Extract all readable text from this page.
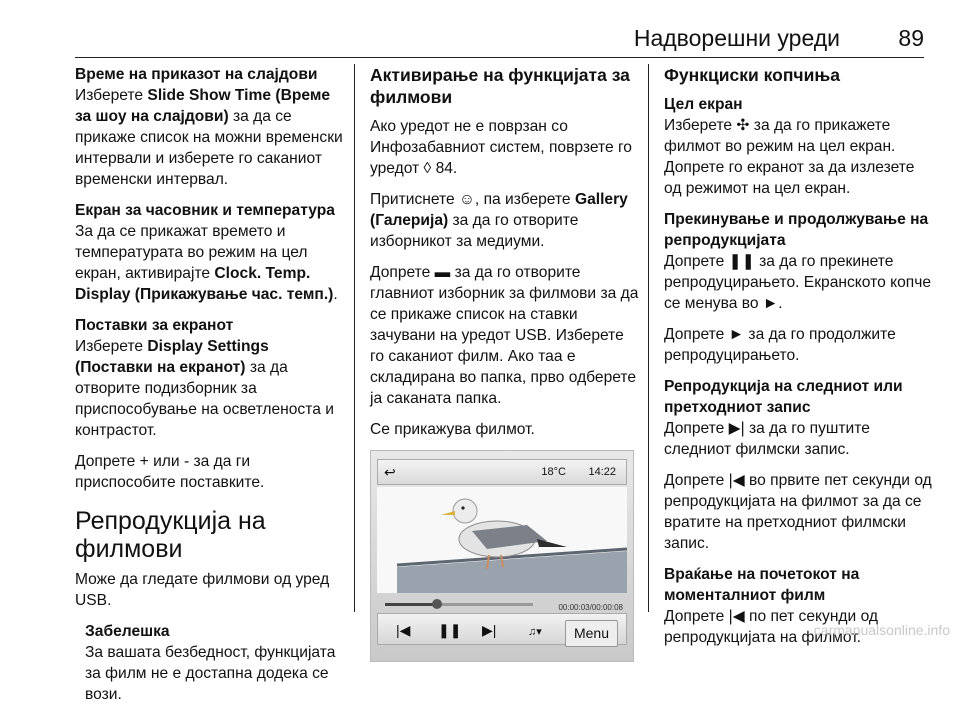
Надворешни уреди	89
Време на приказот на слајдови

Изберете Slide Show Time (Време за шоу на слајдови) за да се прикаже список на можни временски интервали и изберете го саканиот временски интервал.

Екран за часовник и температура

За да се прикажат времето и температурата во режим на цел екран, активирајте Clock. Temp. Display (Прикажување час. темп.).

Поставки за екранот

Изберете Display Settings (Поставки на екранот) за да отворите подизборник за приспособување на осветленоста и контрастот.

Допрете + или - за да ги приспособите поставките.

Репродукција на филмови

Може да гледате филмови од уред USB.

Забелешка

За вашата безбедност, функцијата за филм не е достапна додека се вози.

Активирање на функцијата за филмови

Ако уредот не е поврзан со Инфозабавниот систем, поврзете го уредот ◊ 84.

Притиснете ☺, па изберете Gallery (Галерија) за да го отворите изборникот за медиуми.

Допрете ▬ за да го отворите главниот изборник за филмови за да се прикаже список на ставки зачувани на уредот USB. Изберете го саканиот филм. Ако таа е складирана во папка, прво одберете ја саканата папка.

Се прикажува филмот.

↩	18°C 14:22
00:00:03/00:00:08
|◀ ❚❚ ▶|	♫▾	Menu
Функциски копчиња
Цел екран

Изберете ✣ за да го прикажете филмот во режим на цел екран. Допрете го екранот за да излезете од режимот на цел екран.

Прекинување и продолжување на репродукцијата

Допрете ❚❚ за да го прекинете репродуцирањето. Екранското копче се менува во ►.

Допрете ► за да го продолжите репродуцирањето.

Репродукција на следниот или претходниот запис

Допрете ▶| за да го пуштите следниот филмски запис.

Допрете |◀ во првите пет секунди од репродукцијата на филмот за да се вратите на претходниот филмски запис.

Враќање на почетокот на моменталниот филм

Допрете |◀ по пет секунди од репродукцијата на филмот.

carmanualsonline.info
